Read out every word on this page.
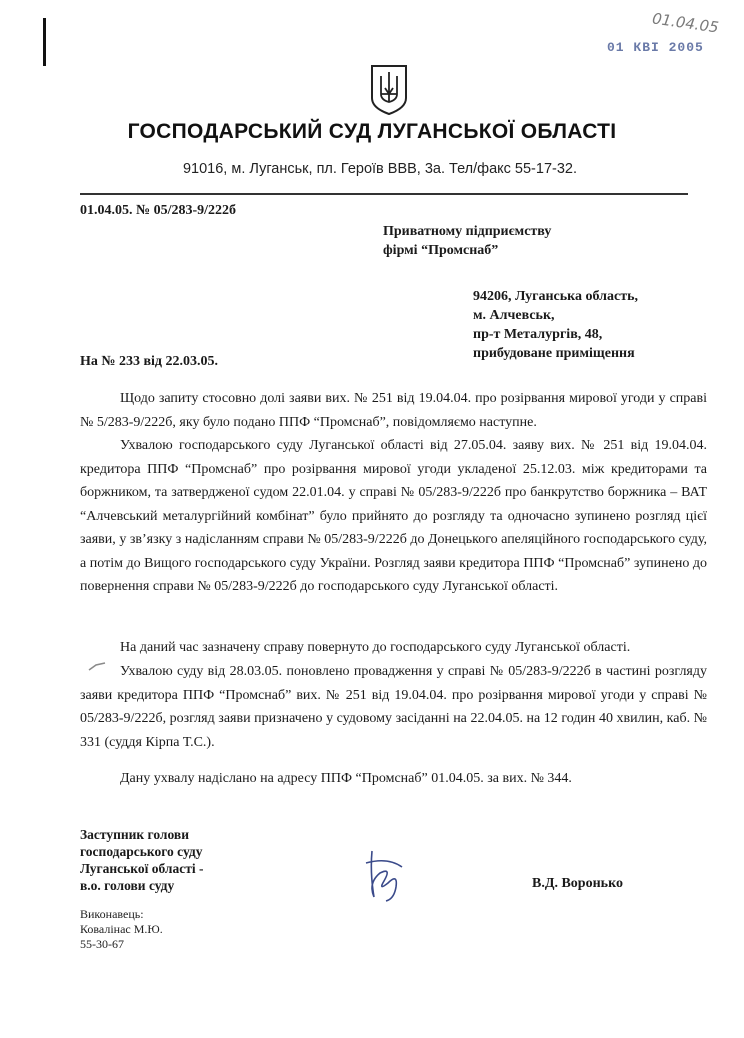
01.04.05
01 КВІ 2005
ГОСПОДАРСЬКИЙ СУД ЛУГАНСЬКОЇ ОБЛАСТІ
91016, м. Луганськ, пл. Героїв ВВВ, 3а. Тел/факс 55-17-32.
01.04.05. № 05/283-9/222б
Приватному підприємству
фірмі “Промснаб”
94206, Луганська область,
м. Алчевськ,
пр-т Металургів, 48,
прибудоване приміщення
На № 233 від 22.03.05.

Щодо запиту стосовно долі заяви вих. № 251 від 19.04.04. про розірвання мирової угоди у справі № 5/283-9/222б, яку було подано ППФ “Промснаб”, повідомляємо наступне.

Ухвалою господарського суду Луганської області від 27.05.04. заяву вих. № 251 від 19.04.04. кредитора ППФ “Промснаб” про розірвання мирової угоди укладеної 25.12.03. між кредиторами та боржником, та затвердженої судом 22.01.04. у справі № 05/283-9/222б про банкрутство боржника – ВАТ “Алчевський металургійний комбінат” було прийнято до розгляду та одночасно зупинено розгляд цієї заяви, у зв’язку з надісланням справи № 05/283-9/222б до Донецького апеляційного господарського суду, а потім до Вищого господарського суду України. Розгляд заяви кредитора ППФ “Промснаб” зупинено до повернення справи № 05/283-9/222б до господарського суду Луганської області.

На даний час зазначену справу повернуто до господарського суду Луганської області.

Ухвалою суду від 28.03.05. поновлено провадження у справі № 05/283-9/222б в частині розгляду заяви кредитора ППФ “Промснаб” вих. № 251 від 19.04.04. про розірвання мирової угоди у справі № 05/283-9/222б, розгляд заяви призначено у судовому засіданні на 22.04.05. на 12 годин 40 хвилин, каб. № 331 (суддя Кірпа Т.С.).

Дану ухвалу надіслано на адресу ППФ “Промснаб” 01.04.05. за вих. № 344.

Заступник голови
господарського суду
Луганської області -
в.о. голови суду	В.Д. Воронько
Виконавець:
Ковалінас М.Ю.
55-30-67
